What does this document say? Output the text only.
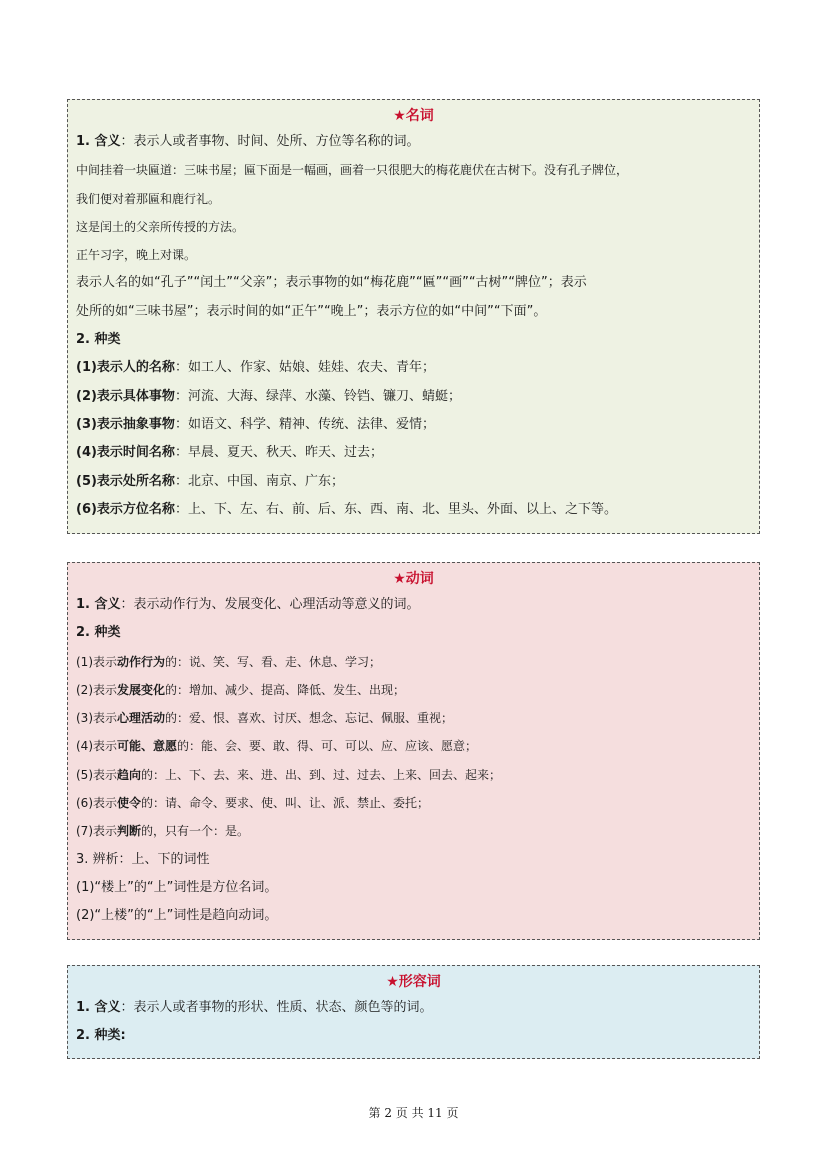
★名词
1. 含义：表示人或者事物、时间、处所、方位等名称的词。
中间挂着一块匾道：三味书屋；匾下面是一幅画，画着一只很肥大的梅花鹿伏在古树下。没有孔子牌位，
我们便对着那匾和鹿行礼。
这是闰土的父亲所传授的方法。
正午习字，晚上对课。
表示人名的如“孔子”“闰土”“父亲”；表示事物的如“梅花鹿”“匾”“画”“古树”“牌位”；表示
处所的如“三味书屋”；表示时间的如“正午”“晚上”；表示方位的如“中间”“下面”。
2. 种类
(1)表示人的名称：如工人、作家、姑娘、娃娃、农夫、青年；
(2)表示具体事物：河流、大海、绿萍、水藻、铃铛、镰刀、蜻蜓；
(3)表示抽象事物：如语文、科学、精神、传统、法律、爱情；
(4)表示时间名称：早晨、夏天、秋天、昨天、过去；
(5)表示处所名称：北京、中国、南京、广东；
(6)表示方位名称：上、下、左、右、前、后、东、西、南、北、里头、外面、以上、之下等。
★动词
1. 含义：表示动作行为、发展变化、心理活动等意义的词。
2. 种类
(1)表示动作行为的：说、笑、写、看、走、休息、学习；
(2)表示发展变化的：增加、减少、提高、降低、发生、出现；
(3)表示心理活动的：爱、恨、喜欢、讨厌、想念、忘记、佩服、重视；
(4)表示可能、意愿的：能、会、要、敢、得、可、可以、应、应该、愿意；
(5)表示趋向的：上、下、去、来、进、出、到、过、过去、上来、回去、起来；
(6)表示使令的：请、命令、要求、使、叫、让、派、禁止、委托；
(7)表示判断的，只有一个：是。
3. 辨析：上、下的词性
(1)“楼上”的“上”词性是方位名词。
(2)“上楼”的“上”词性是趋向动词。
★形容词
1. 含义：表示人或者事物的形状、性质、状态、颜色等的词。
2. 种类:
第 2 页 共 11 页
